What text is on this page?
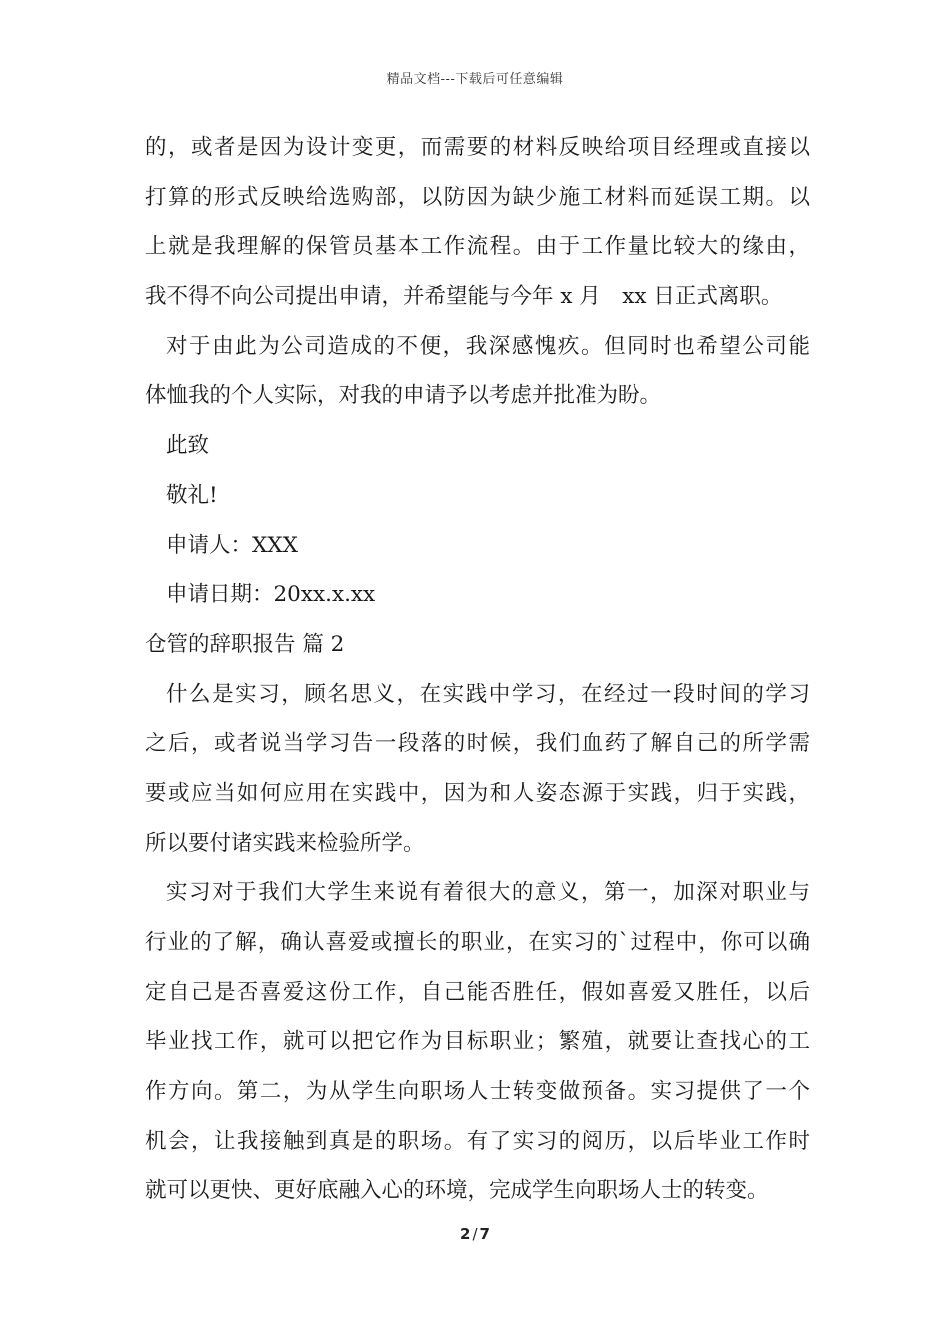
精品文档---下载后可任意编辑
的，或者是因为设计变更，而需要的材料反映给项目经理或直接以
打算的形式反映给选购部，以防因为缺少施工材料而延误工期。以
上就是我理解的保管员基本工作流程。由于工作量比较大的缘由，
我不得不向公司提出申请，并希望能与今年 x 月　xx 日正式离职。
对于由此为公司造成的不便，我深感愧疚。但同时也希望公司能
体恤我的个人实际，对我的申请予以考虑并批准为盼。
此致
敬礼!
申请人：XXX
申请日期：20xx.x.xx
仓管的辞职报告 篇 2
什么是实习，顾名思义，在实践中学习，在经过一段时间的学习
之后，或者说当学习告一段落的时候，我们血药了解自己的所学需
要或应当如何应用在实践中，因为和人姿态源于实践，归于实践，
所以要付诸实践来检验所学。
实习对于我们大学生来说有着很大的意义，第一，加深对职业与
行业的了解，确认喜爱或擅长的职业，在实习的`过程中，你可以确
定自己是否喜爱这份工作，自己能否胜任，假如喜爱又胜任，以后
毕业找工作，就可以把它作为目标职业；繁殖，就要让查找心的工
作方向。第二，为从学生向职场人士转变做预备。实习提供了一个
机会，让我接触到真是的职场。有了实习的阅历，以后毕业工作时
就可以更快、更好底融入心的环境，完成学生向职场人士的转变。
2 / 7
